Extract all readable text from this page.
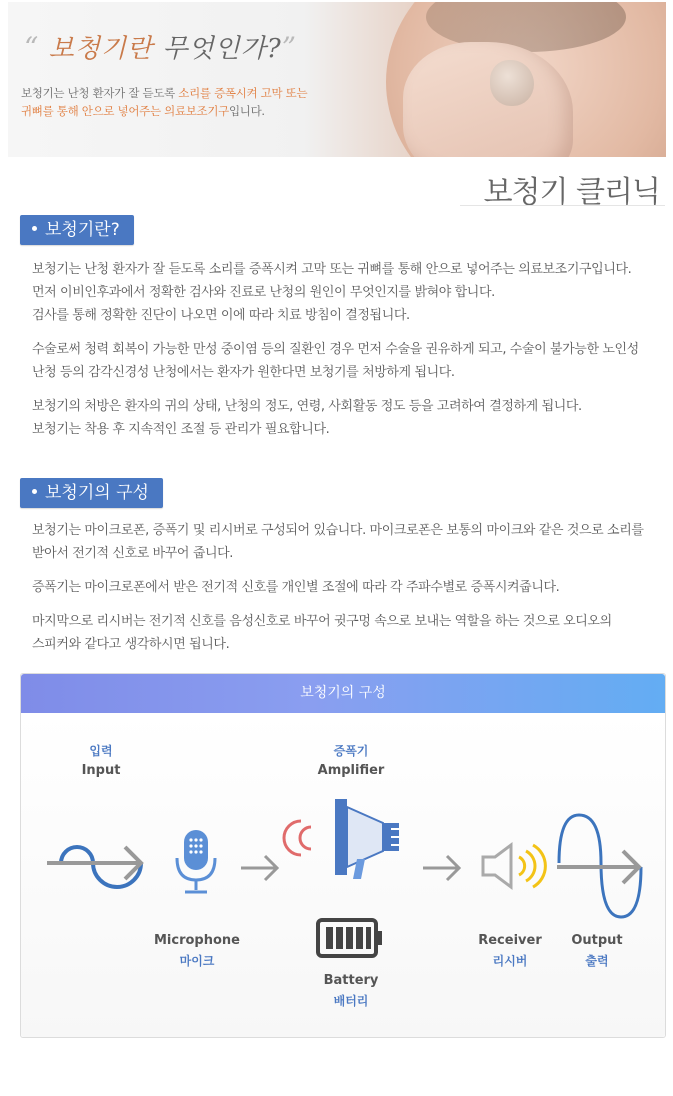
“ 보청기란 무엇인가?”
보청기는 난청 환자가 잘 듣도록 소리를 증폭시켜 고막 또는
귀뼈를 통해 안으로 넣어주는 의료보조기구입니다.
보청기 클리닉
보청기란?
보청기는 난청 환자가 잘 듣도록 소리를 증폭시켜 고막 또는 귀뼈를 통해 안으로 넣어주는 의료보조기구입니다.
먼저 이비인후과에서 정확한 검사와 진료로 난청의 원인이 무엇인지를 밝혀야 합니다.
검사를 통해 정확한 진단이 나오면 이에 따라 치료 방침이 결정됩니다.
수술로써 청력 회복이 가능한 만성 중이염 등의 질환인 경우 먼저 수술을 권유하게 되고, 수술이 불가능한 노인성
난청 등의 감각신경성 난청에서는 환자가 원한다면 보청기를 처방하게 됩니다.
보청기의 처방은 환자의 귀의 상태, 난청의 정도, 연령, 사회활동 정도 등을 고려하여 결정하게 됩니다.
보청기는 착용 후 지속적인 조절 등 관리가 필요합니다.
보청기의 구성
보청기는 마이크로폰, 증폭기 및 리시버로 구성되어 있습니다. 마이크로폰은 보통의 마이크와 같은 것으로 소리를
받아서 전기적 신호로 바꾸어 줍니다.
증폭기는 마이크로폰에서 받은 전기적 신호를 개인별 조절에 따라 각 주파수별로 증폭시켜줍니다.
마지막으로 리시버는 전기적 신호를 음성신호로 바꾸어 귓구멍 속으로 보내는 역할을 하는 것으로 오디오의
스피커와 같다고 생각하시면 됩니다.
보청기의 구성
입력
Input
증폭기
Amplifier
Microphone
마이크
Battery
배터리
Receiver
리시버
Output
출력
